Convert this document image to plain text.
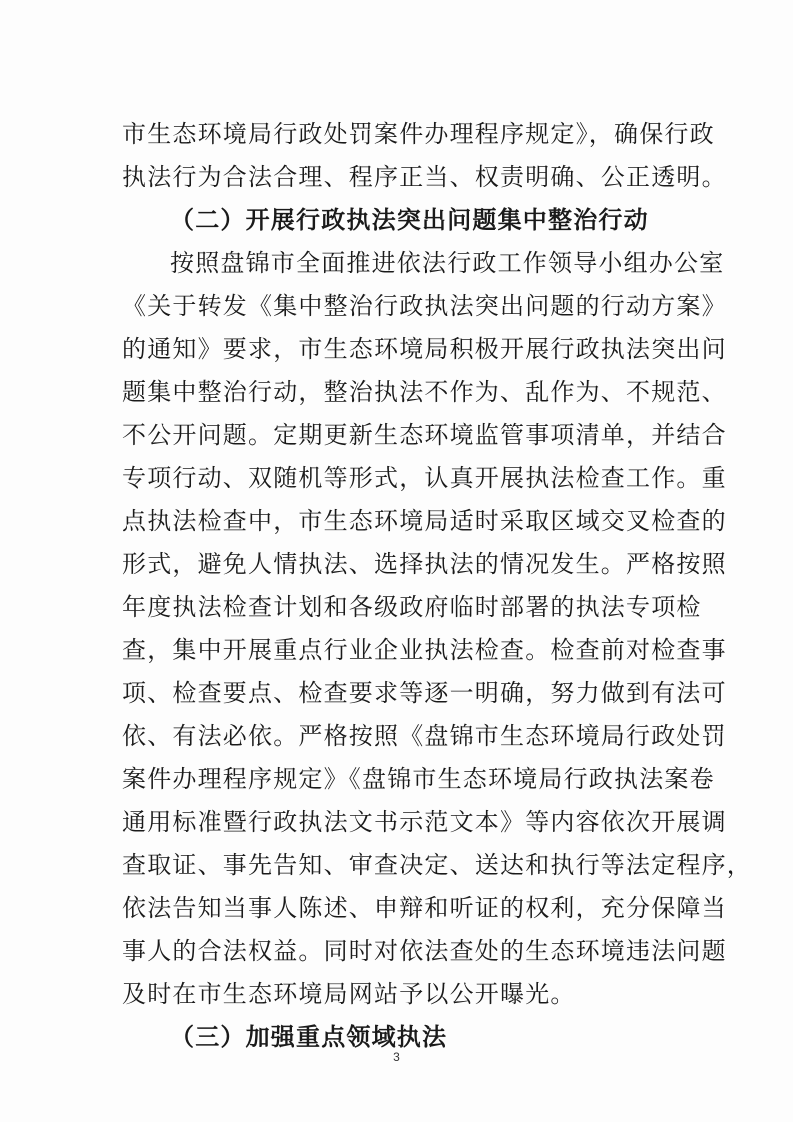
市生态环境局行政处罚案件办理程序规定》，确保行政
执法行为合法合理、程序正当、权责明确、公正透明。
（二）开展行政执法突出问题集中整治行动
按照盘锦市全面推进依法行政工作领导小组办公室
《关于转发《集中整治行政执法突出问题的行动方案》
的通知》要求，市生态环境局积极开展行政执法突出问
题集中整治行动，整治执法不作为、乱作为、不规范、
不公开问题。定期更新生态环境监管事项清单，并结合
专项行动、双随机等形式，认真开展执法检查工作。重
点执法检查中，市生态环境局适时采取区域交叉检查的
形式，避免人情执法、选择执法的情况发生。严格按照
年度执法检查计划和各级政府临时部署的执法专项检
查，集中开展重点行业企业执法检查。检查前对检查事
项、检查要点、检查要求等逐一明确，努力做到有法可
依、有法必依。严格按照《盘锦市生态环境局行政处罚
案件办理程序规定》《盘锦市生态环境局行政执法案卷
通用标准暨行政执法文书示范文本》等内容依次开展调
查取证、事先告知、审查决定、送达和执行等法定程序，
依法告知当事人陈述、申辩和听证的权利，充分保障当
事人的合法权益。同时对依法查处的生态环境违法问题
及时在市生态环境局网站予以公开曝光。
（三）加强重点领域执法
3
